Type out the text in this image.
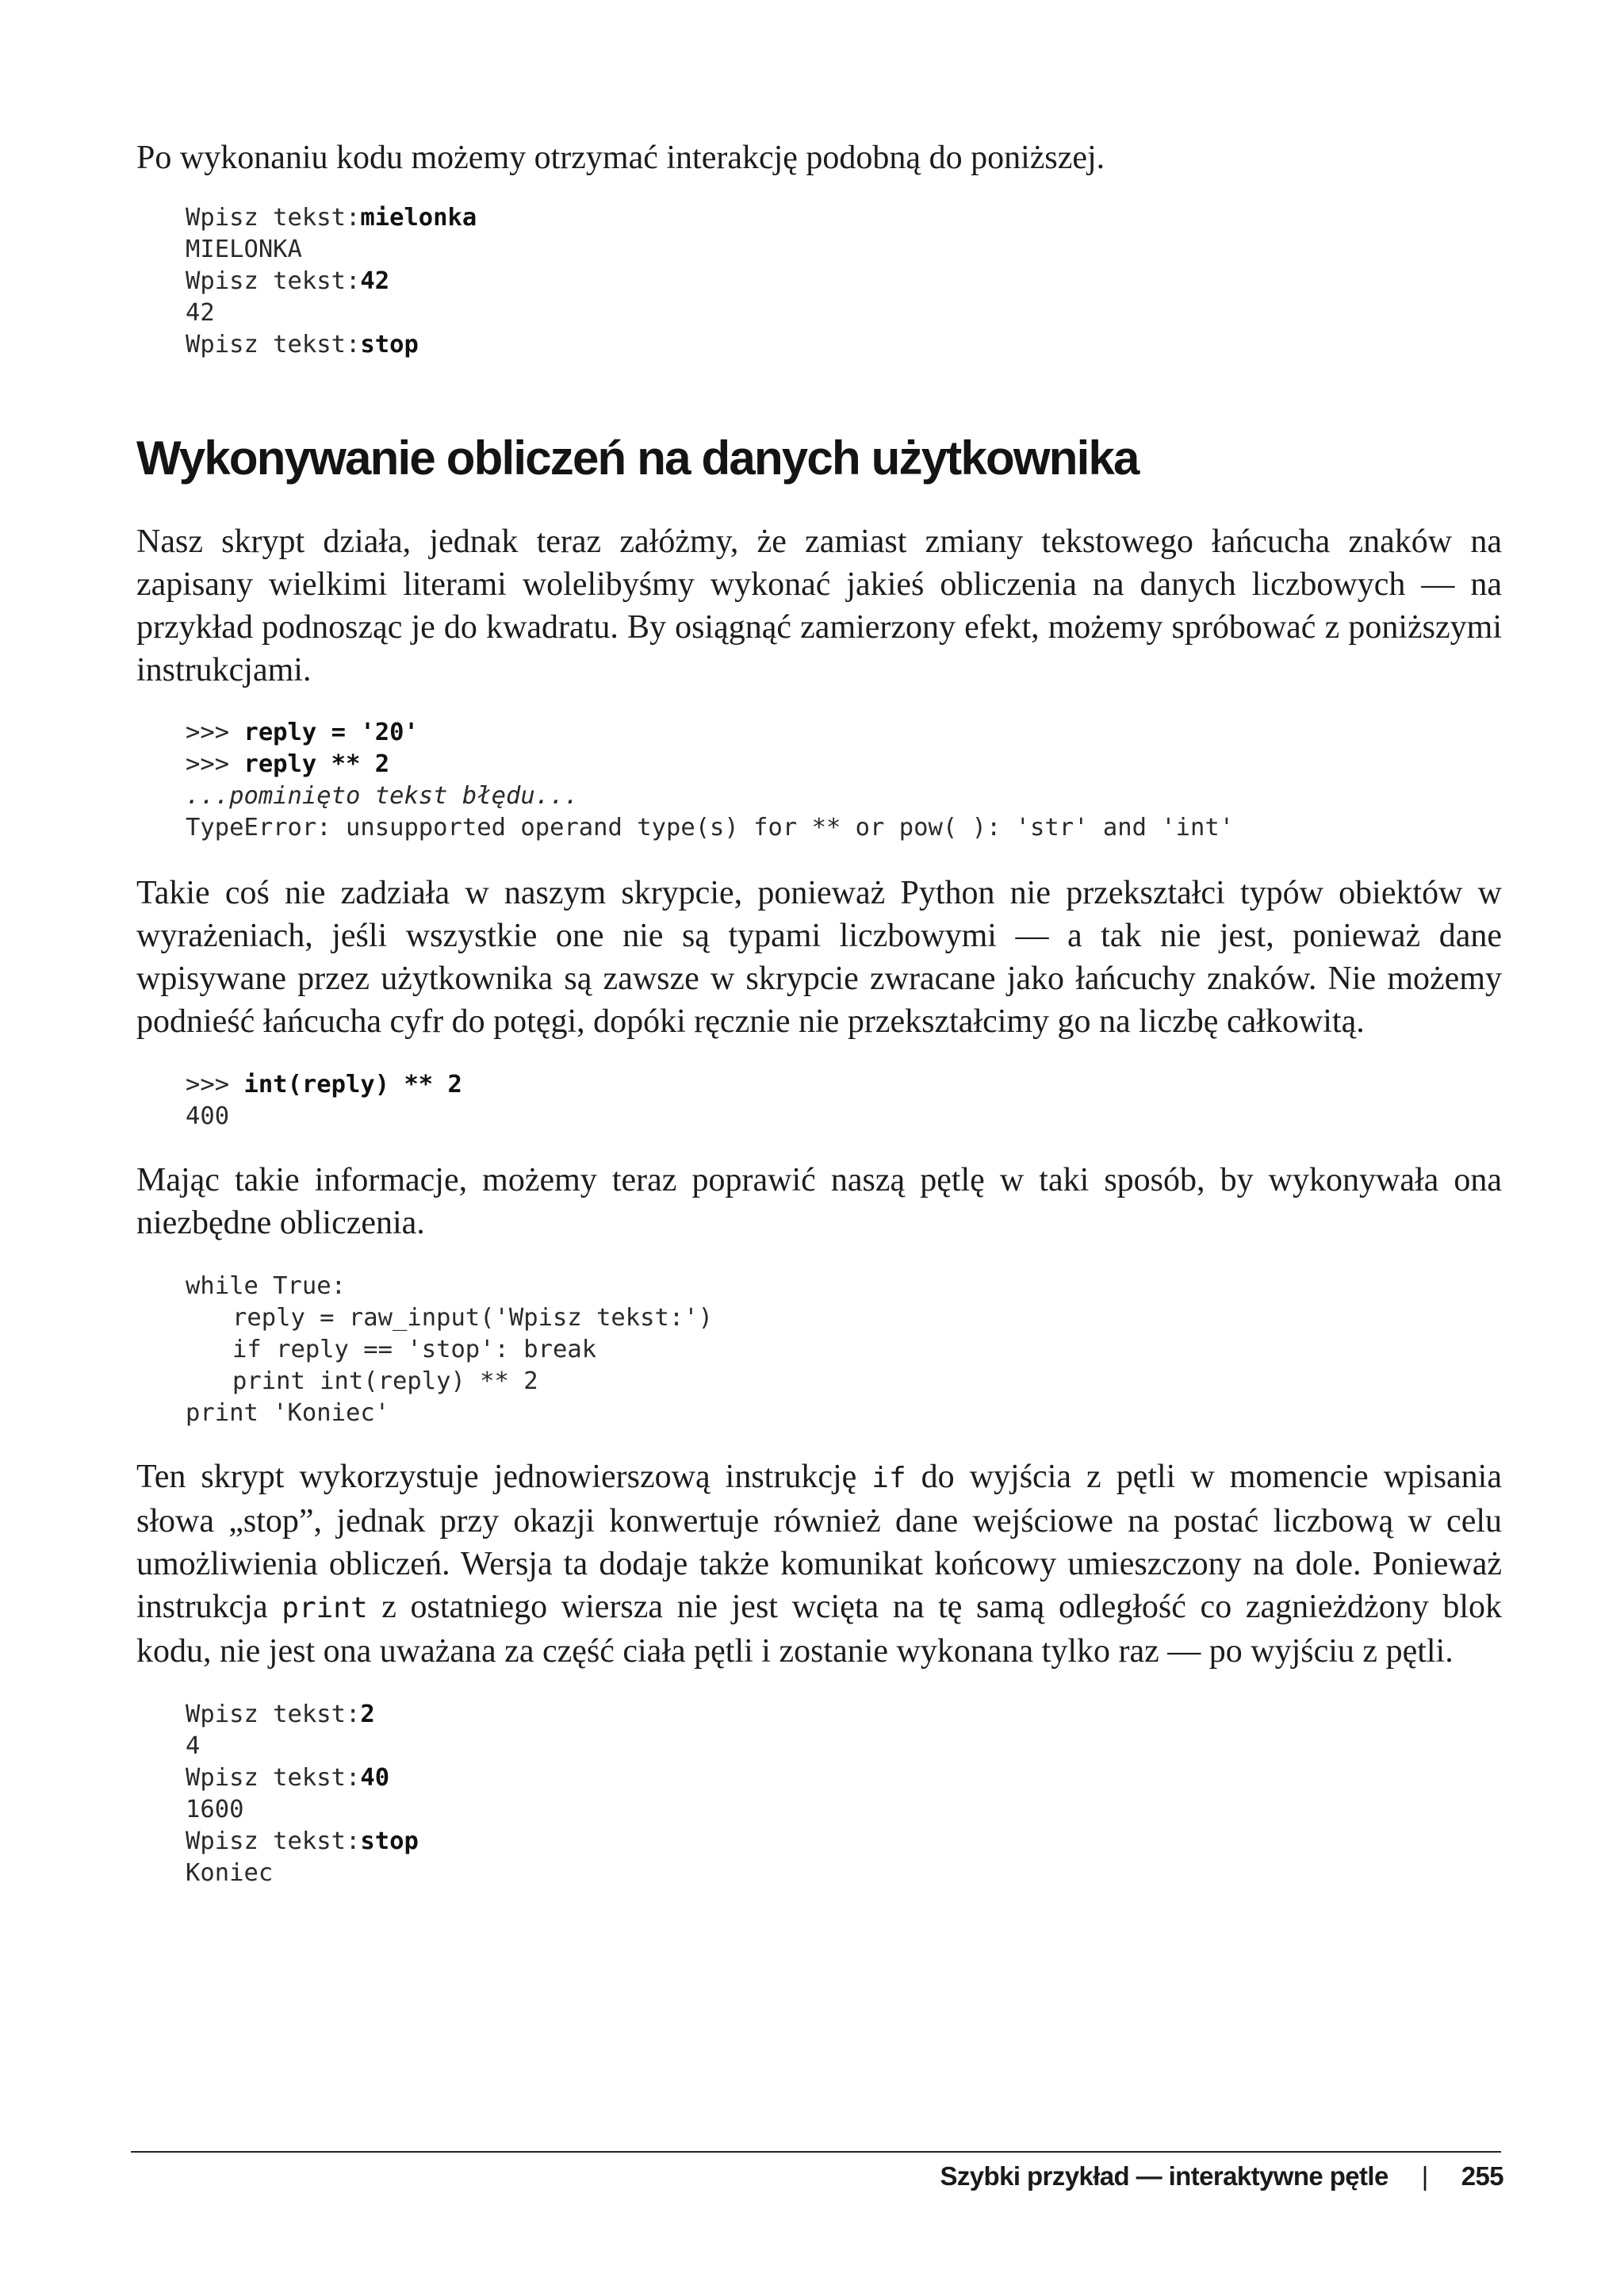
Po wykonaniu kodu możemy otrzymać interakcję podobną do poniższej.

Wpisz tekst:mielonka
MIELONKA
Wpisz tekst:42
42
Wpisz tekst:stop
Wykonywanie obliczeń na danych użytkownika

Nasz skrypt działa, jednak teraz załóżmy, że zamiast zmiany tekstowego łańcucha znaków na zapisany wielkimi literami wolelibyśmy wykonać jakieś obliczenia na danych liczbowych — na przykład podnosząc je do kwadratu. By osiągnąć zamierzony efekt, możemy spróbować z poniższymi instrukcjami.

>>> reply = '20'
>>> reply ** 2
...pominięto tekst błędu...
TypeError: unsupported operand type(s) for ** or pow( ): 'str' and 'int'

Takie coś nie zadziała w naszym skrypcie, ponieważ Python nie przekształci typów obiektów w wyrażeniach, jeśli wszystkie one nie są typami liczbowymi — a tak nie jest, ponieważ dane wpisywane przez użytkownika są zawsze w skrypcie zwracane jako łańcuchy znaków. Nie możemy podnieść łańcucha cyfr do potęgi, dopóki ręcznie nie przekształcimy go na liczbę całkowitą.

>>> int(reply) ** 2
400

Mając takie informacje, możemy teraz poprawić naszą pętlę w taki sposób, by wykonywała ona niezbędne obliczenia.

while True:
reply = raw_input('Wpisz tekst:')
if reply == 'stop': break
print int(reply) ** 2
print 'Koniec'

Ten skrypt wykorzystuje jednowierszową instrukcję if do wyjścia z pętli w momencie wpisania słowa „stop”, jednak przy okazji konwertuje również dane wejściowe na postać liczbową w celu umożliwienia obliczeń. Wersja ta dodaje także komunikat końcowy umieszczony na dole. Ponieważ instrukcja print z ostatniego wiersza nie jest wcięta na tę samą odległość co zagnieżdżony blok kodu, nie jest ona uważana za część ciała pętli i zostanie wykonana tylko raz — po wyjściu z pętli.

Wpisz tekst:2
4
Wpisz tekst:40
1600
Wpisz tekst:stop
Koniec
Szybki przykład — interaktywne pętle | 255
